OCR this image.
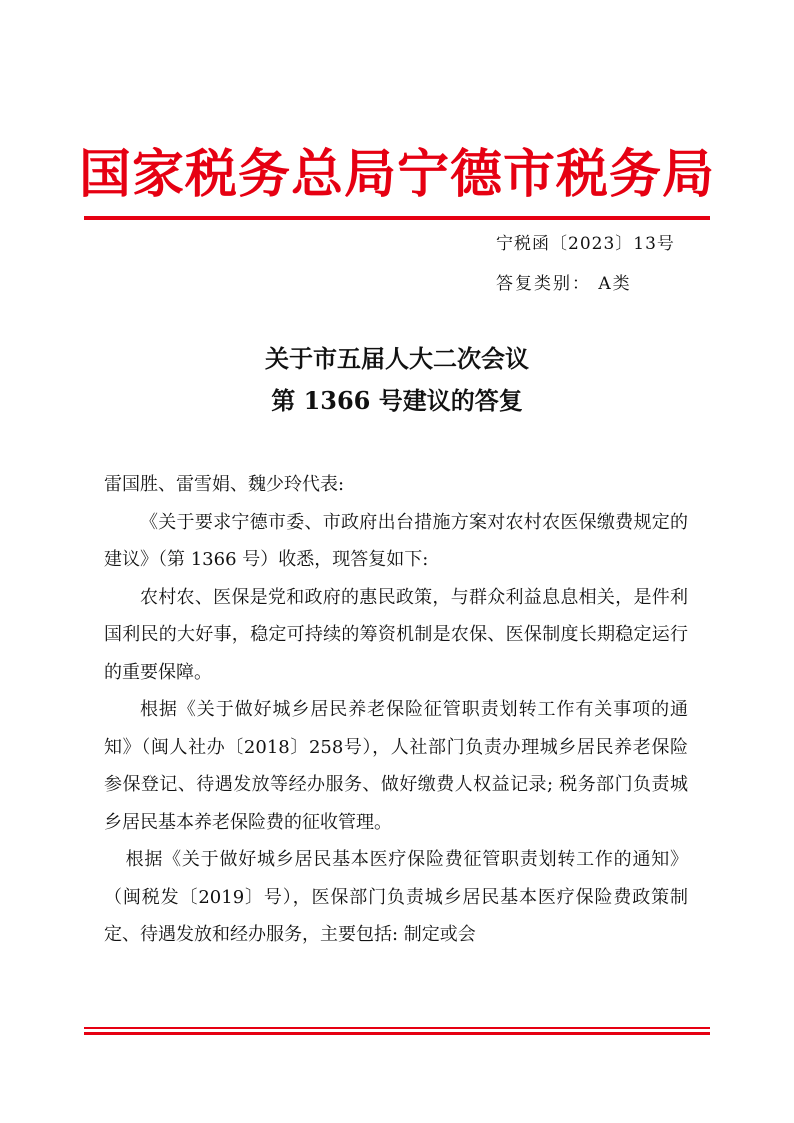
国家税务总局宁德市税务局
宁税函〔2023〕13号
答复类别： A类
关于市五届人大二次会议
第 1366 号建议的答复

雷国胜、雷雪娟、魏少玲代表:

《关于要求宁德市委、市政府出台措施方案对农村农医保缴费规定的建议》（第 1366 号）收悉，现答复如下:

农村农、医保是党和政府的惠民政策，与群众利益息息相关，是件利国利民的大好事，稳定可持续的筹资机制是农保、医保制度长期稳定运行的重要保障。

根据《关于做好城乡居民养老保险征管职责划转工作有关事项的通知》（闽人社办〔2018〕258号），人社部门负责办理城乡居民养老保险参保登记、待遇发放等经办服务、做好缴费人权益记录; 税务部门负责城乡居民基本养老保险费的征收管理。

根据《关于做好城乡居民基本医疗保险费征管职责划转工作的通知》（闽税发〔2019〕号），医保部门负责城乡居民基本医疗保险费政策制定、待遇发放和经办服务，主要包括: 制定或会
